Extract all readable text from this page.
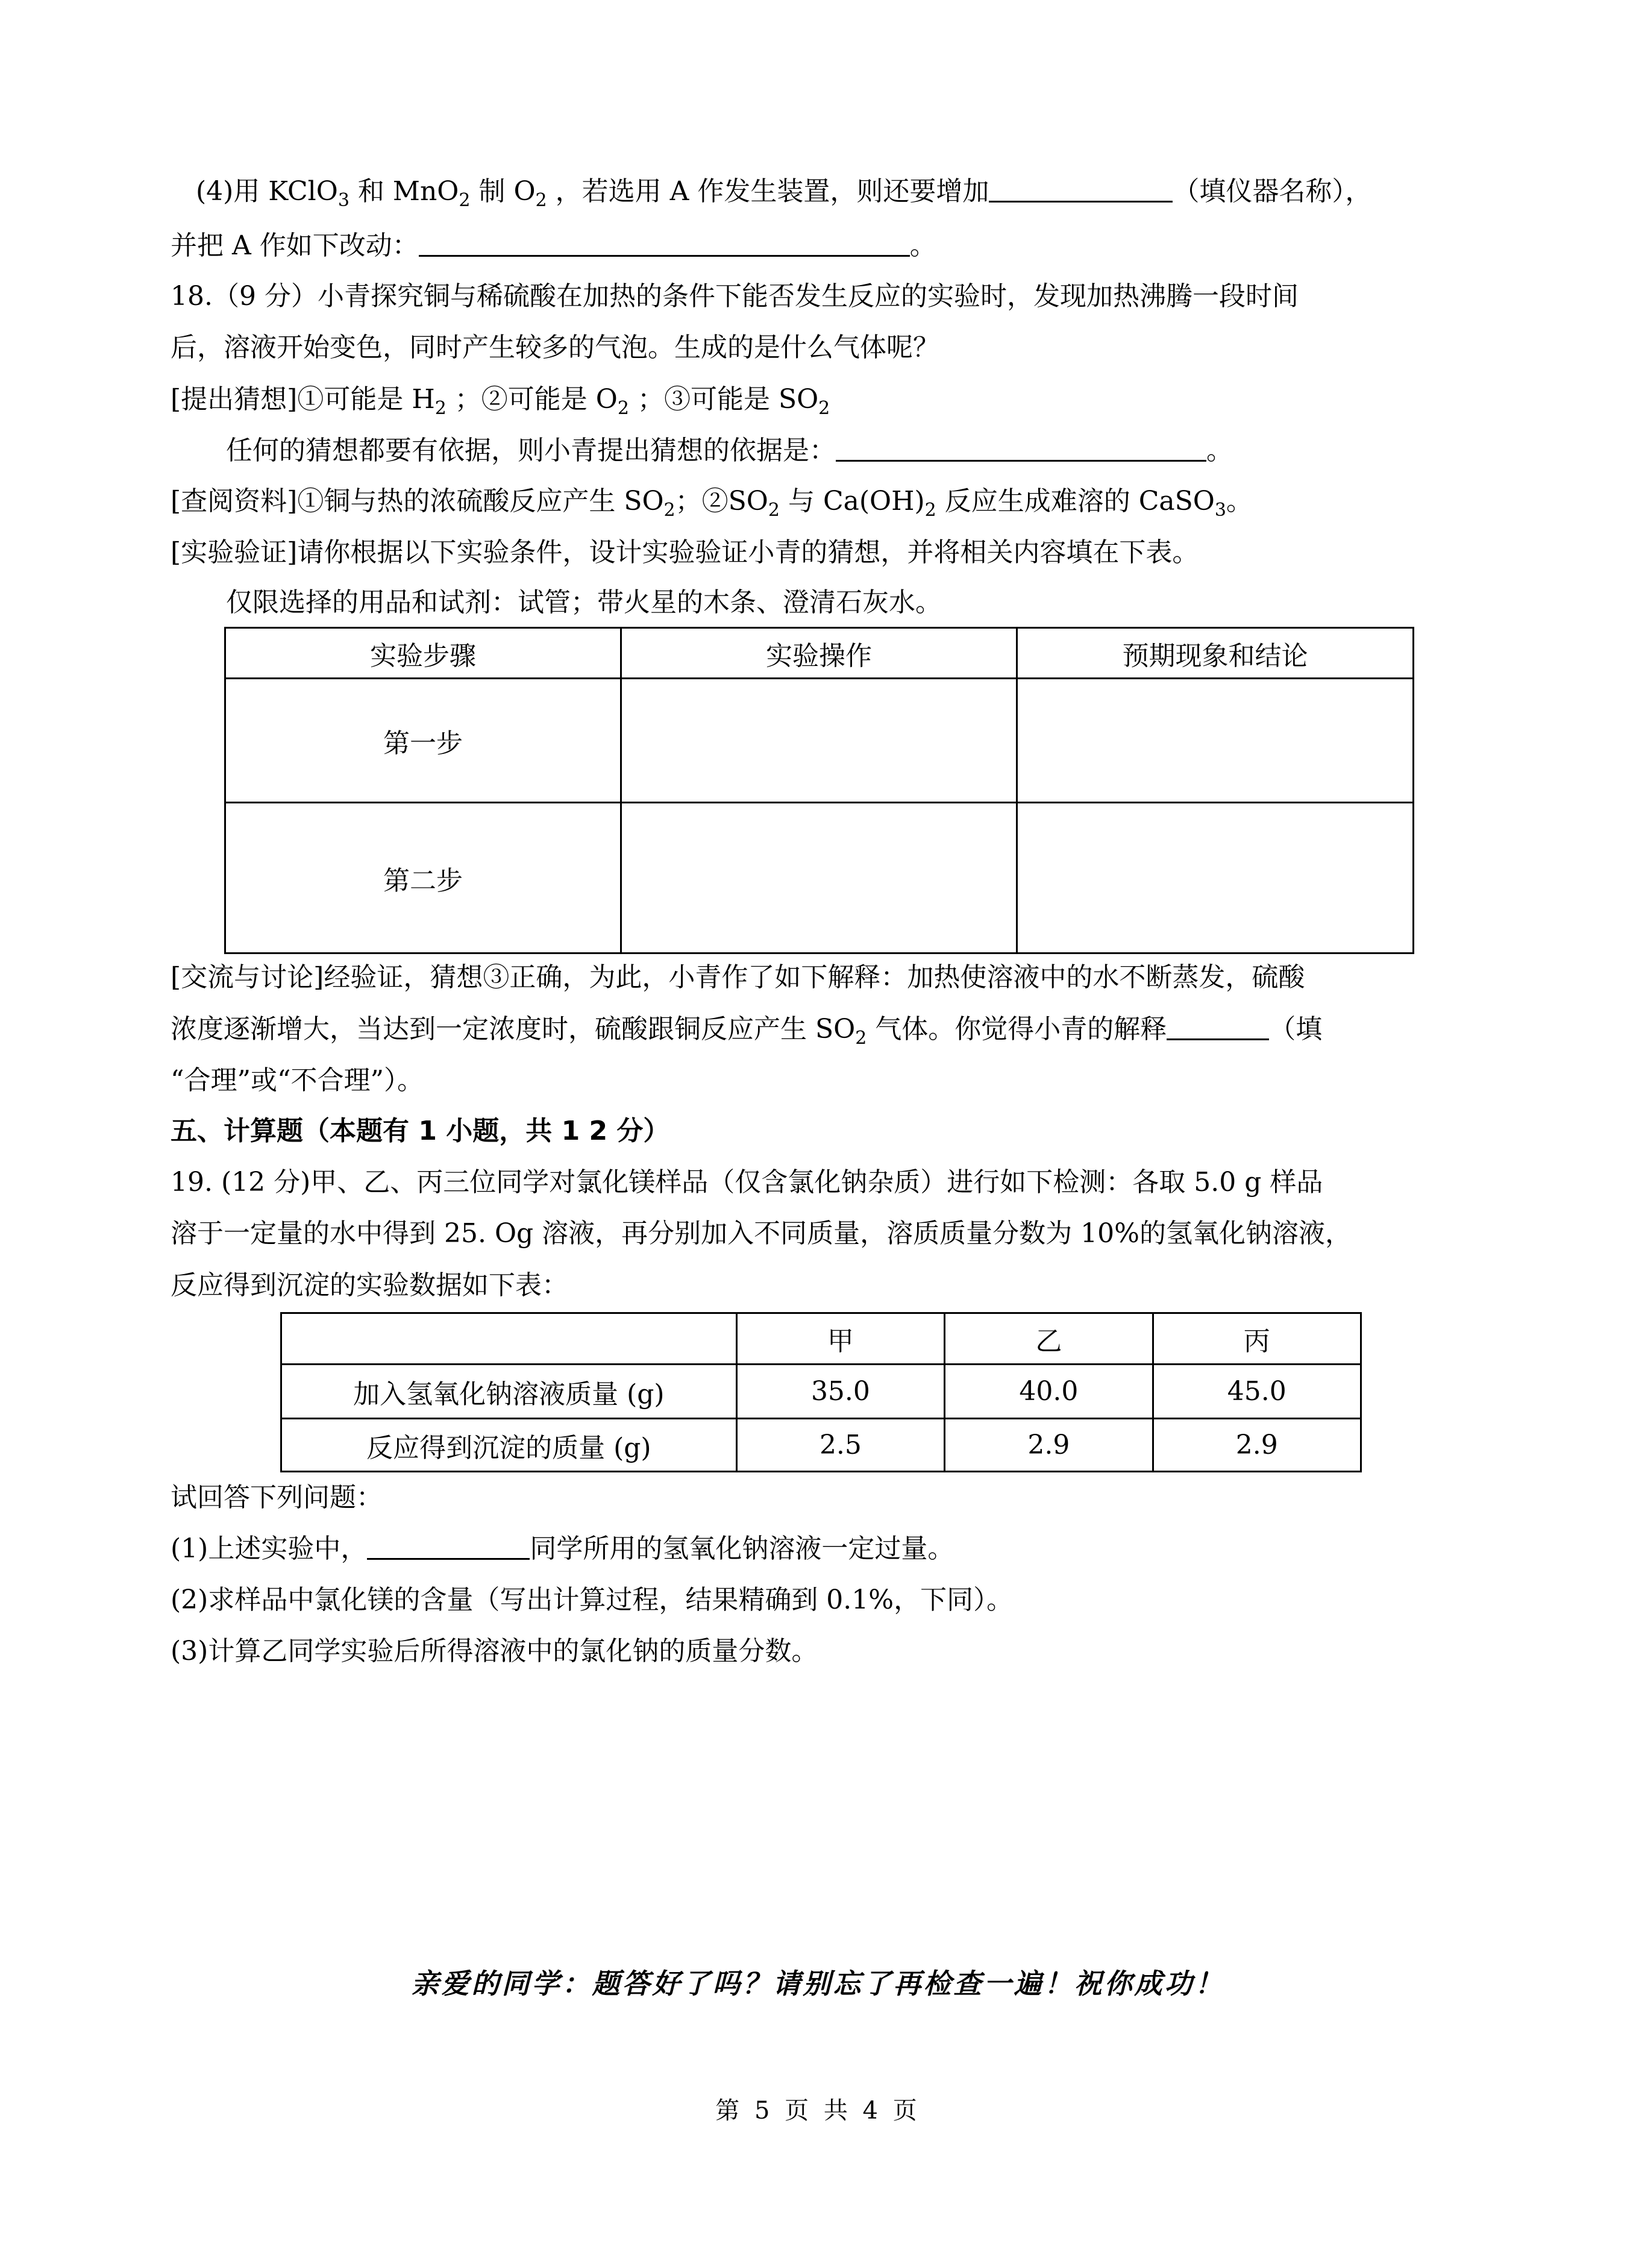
(4)用 KClO$_3$ 和 MnO$_2$ 制 $O_2$ ，若选用 A 作发生装置，则还要增加	（填仪器名称），
并把 A 作如下改动：	。
18.（9 分）小青探究铜与稀硫酸在加热的条件下能否发生反应的实验时，发现加热沸腾一段时间
后，溶液开始变色，同时产生较多的气泡。生成的是什么气体呢？
[提出猜想]①可能是 $H_2$ ；②可能是 $O_2$ ；③可能是 $SO_2$
任何的猜想都要有依据，则小青提出猜想的依据是：	。
[查阅资料]①铜与热的浓硫酸反应产生 $SO_2$；$②SO_2$ 与 $Ca(OH)_2$ 反应生成难溶的 CaSO$_3$。
[实验验证]请你根据以下实验条件，设计实验验证小青的猜想，并将相关内容填在下表。
仅限选择的用品和试剂：试管；带火星的木条、澄清石灰水。
实验步骤	实验操作	预期现象和结论
第一步		
第二步		
[交流与讨论]经验证，猜想③正确，为此，小青作了如下解释：加热使溶液中的水不断蒸发，硫酸
浓度逐渐增大，当达到一定浓度时，硫酸跟铜反应产生 $SO_2$ 气体。你觉得小青的解释	（填
“合理”或“不合理”）。
五、计算题（本题有 1 小题，共 1 2 分）
19. (12 分)甲、乙、丙三位同学对氯化镁样品（仅含氯化钠杂质）进行如下检测：各取 5.0 g 样品
溶于一定量的水中得到 25. Og 溶液，再分别加入不同质量，溶质质量分数为 10%的氢氧化钠溶液，
反应得到沉淀的实验数据如下表：
	甲	乙	丙
加入氢氧化钠溶液质量 (g)	35.0	40.0	45.0
反应得到沉淀的质量 (g)	2.5	2.9	2.9
试回答下列问题：
(1)上述实验中，	同学所用的氢氧化钠溶液一定过量。
(2)求样品中氯化镁的含量（写出计算过程，结果精确到 0.1%，下同）。
(3)计算乙同学实验后所得溶液中的氯化钠的质量分数。
亲爱的同学：题答好了吗？请别忘了再检查一遍！祝你成功！
第 5 页 共 4 页
